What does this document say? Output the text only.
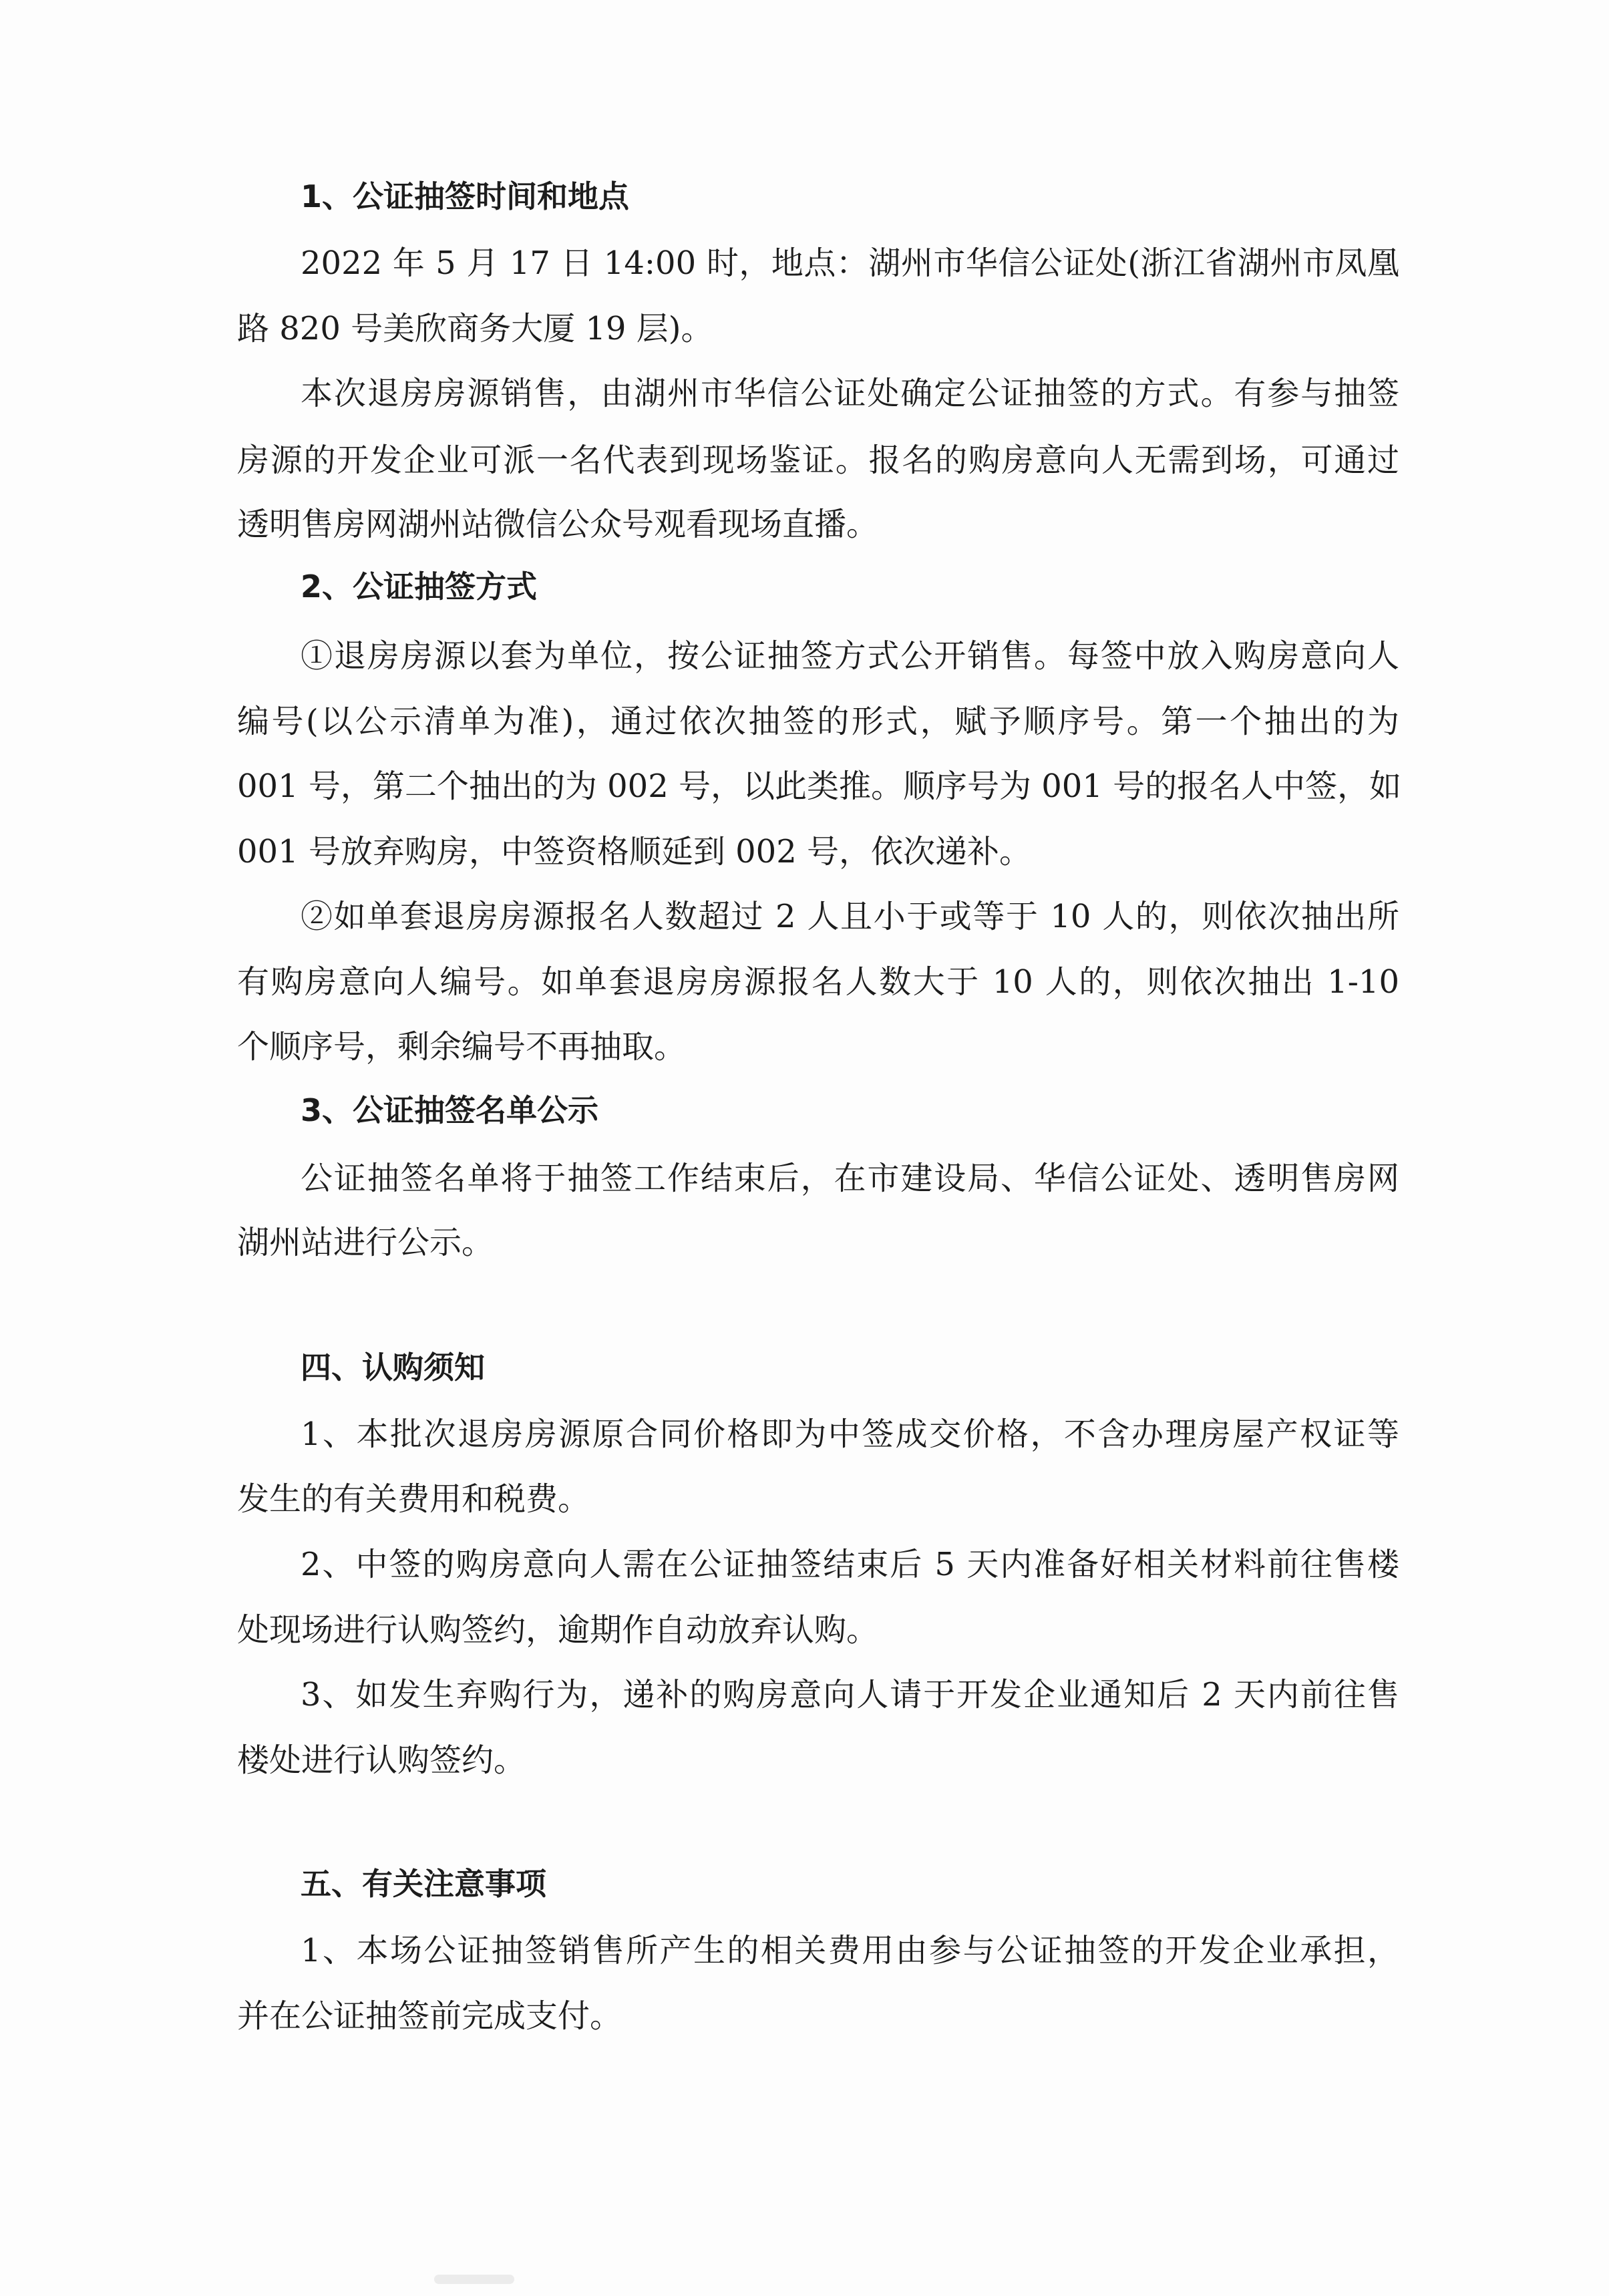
1、公证抽签时间和地点
2022 年 5 月 17 日 14:00 时，地点：湖州市华信公证处(浙江省湖州市凤凰
路 820 号美欣商务大厦 19 层)。
本次退房房源销售，由湖州市华信公证处确定公证抽签的方式。有参与抽签
房源的开发企业可派一名代表到现场鉴证。报名的购房意向人无需到场，可通过
透明售房网湖州站微信公众号观看现场直播。
2、公证抽签方式
①退房房源以套为单位，按公证抽签方式公开销售。每签中放入购房意向人
编号(以公示清单为准)，通过依次抽签的形式，赋予顺序号。第一个抽出的为
001 号，第二个抽出的为 002 号，以此类推。顺序号为 001 号的报名人中签，如
001 号放弃购房，中签资格顺延到 002 号，依次递补。
②如单套退房房源报名人数超过 2 人且小于或等于 10 人的，则依次抽出所
有购房意向人编号。如单套退房房源报名人数大于 10 人的，则依次抽出 1-10
个顺序号，剩余编号不再抽取。
3、公证抽签名单公示
公证抽签名单将于抽签工作结束后，在市建设局、华信公证处、透明售房网
湖州站进行公示。
四、认购须知
1、本批次退房房源原合同价格即为中签成交价格，不含办理房屋产权证等
发生的有关费用和税费。
2、中签的购房意向人需在公证抽签结束后 5 天内准备好相关材料前往售楼
处现场进行认购签约，逾期作自动放弃认购。
3、如发生弃购行为，递补的购房意向人请于开发企业通知后 2 天内前往售
楼处进行认购签约。
五、有关注意事项
1、本场公证抽签销售所产生的相关费用由参与公证抽签的开发企业承担，
并在公证抽签前完成支付。
